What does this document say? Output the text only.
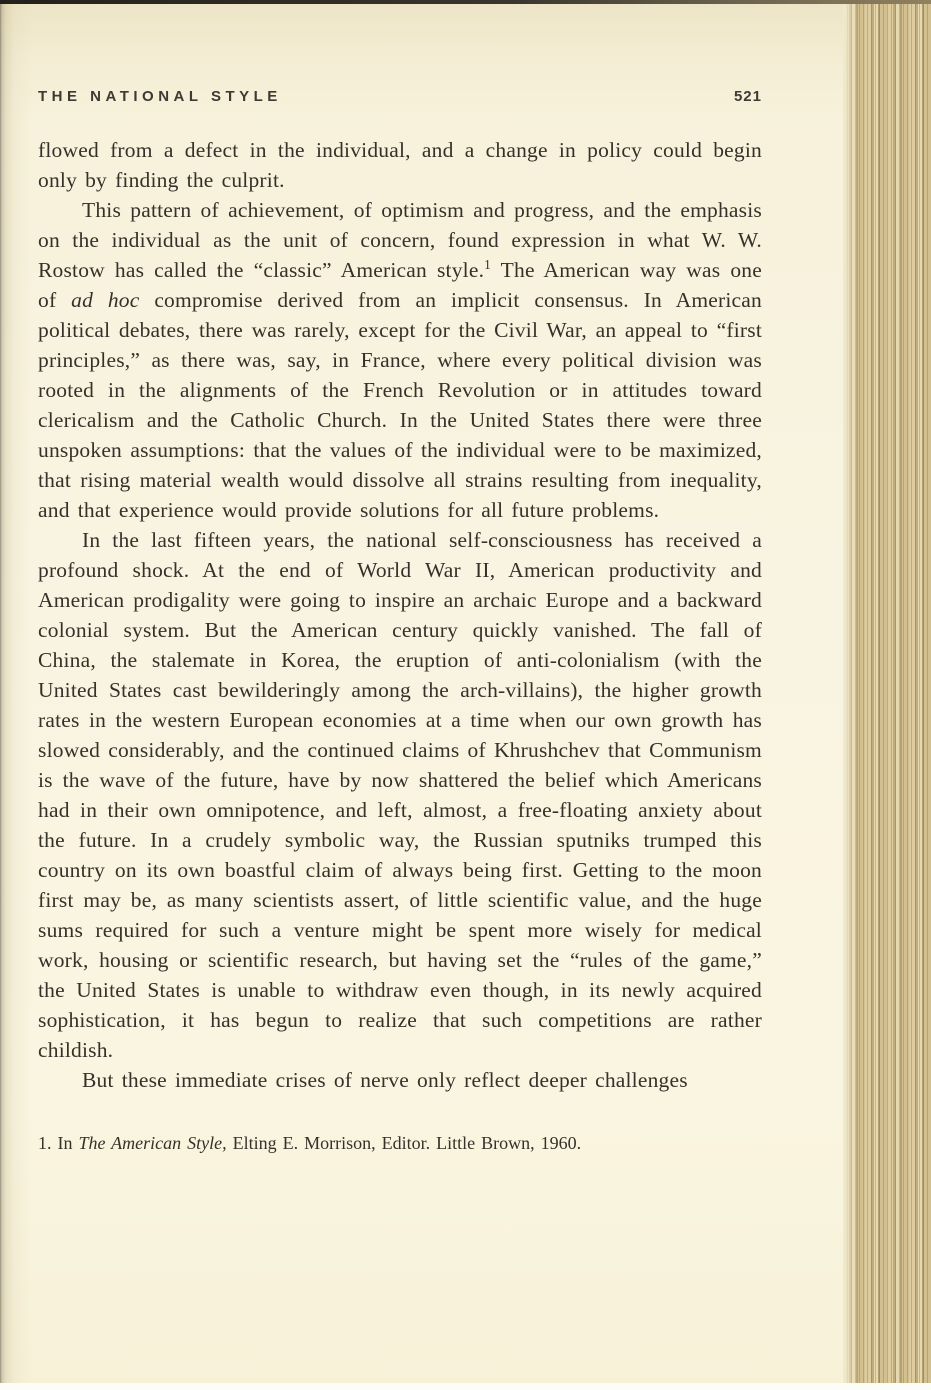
THE NATIONAL STYLE	521

flowed from a defect in the individual, and a change in policy could begin only by finding the culprit.

This pattern of achievement, of optimism and progress, and the emphasis on the individual as the unit of concern, found expression in what W. W. Rostow has called the “classic” American style.$^1$ The American way was one of ad hoc compromise derived from an implicit consensus. In American political debates, there was rarely, except for the Civil War, an appeal to “first principles,” as there was, say, in France, where every political division was rooted in the alignments of the French Revolution or in attitudes toward clericalism and the Catholic Church. In the United States there were three unspoken assumptions: that the values of the individual were to be maximized, that rising material wealth would dissolve all strains resulting from inequality, and that experience would provide solutions for all future problems.

In the last fifteen years, the national self-consciousness has received a profound shock. At the end of World War II, American productivity and American prodigality were going to inspire an archaic Europe and a backward colonial system. But the American century quickly vanished. The fall of China, the stalemate in Korea, the eruption of anti-colonialism (with the United States cast bewilderingly among the arch-villains), the higher growth rates in the western European economies at a time when our own growth has slowed considerably, and the continued claims of Khrushchev that Communism is the wave of the future, have by now shattered the belief which Americans had in their own omnipotence, and left, almost, a free-floating anxiety about the future. In a crudely symbolic way, the Russian sputniks trumped this country on its own boastful claim of always being first. Getting to the moon first may be, as many scientists assert, of little scientific value, and the huge sums required for such a venture might be spent more wisely for medical work, housing or scientific research, but having set the “rules of the game,” the United States is unable to withdraw even though, in its newly acquired sophistication, it has begun to realize that such competitions are rather childish.

But these immediate crises of nerve only reflect deeper challenges

1. In The American Style, Elting E. Morrison, Editor. Little Brown, 1960.
